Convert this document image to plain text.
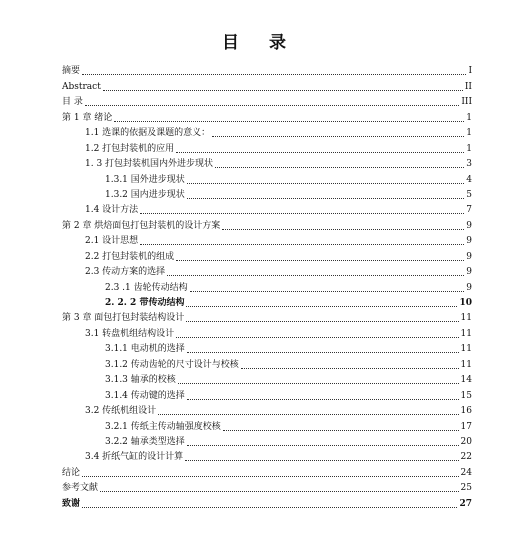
目 录
摘要	I
Abstract	II
目 录	III
第 1 章 绪论	1
1.1 选课的依据及课题的意义：	1
1.2 打包封装机的应用	1
1. 3 打包封装机国内外进步现状	3
1.3.1 国外进步现状	4
1.3.2 国内进步现状	5
1.4 设计方法	7
第 2 章 烘焙面包打包封装机的设计方案	9
2.1 设计思想	9
2.2 打包封装机的组成	9
2.3 传动方案的选择	9
2.3 .1 齿轮传动结构	9
2. 2. 2 带传动结构	10
第 3 章 面包打包封装结构设计	11
3.1 转盘机组结构设计	11
3.1.1 电动机的选择	11
3.1.2 传动齿轮的尺寸设计与校核	11
3.1.3 轴承的校核	14
3.1.4 传动键的选择	15
3.2 传纸机组设计	16
3.2.1 传纸主传动轴强度校核	17
3.2.2 轴承类型选择	20
3.4 折纸气缸的设计计算	22
结论	24
参考文献	25
致谢	27
